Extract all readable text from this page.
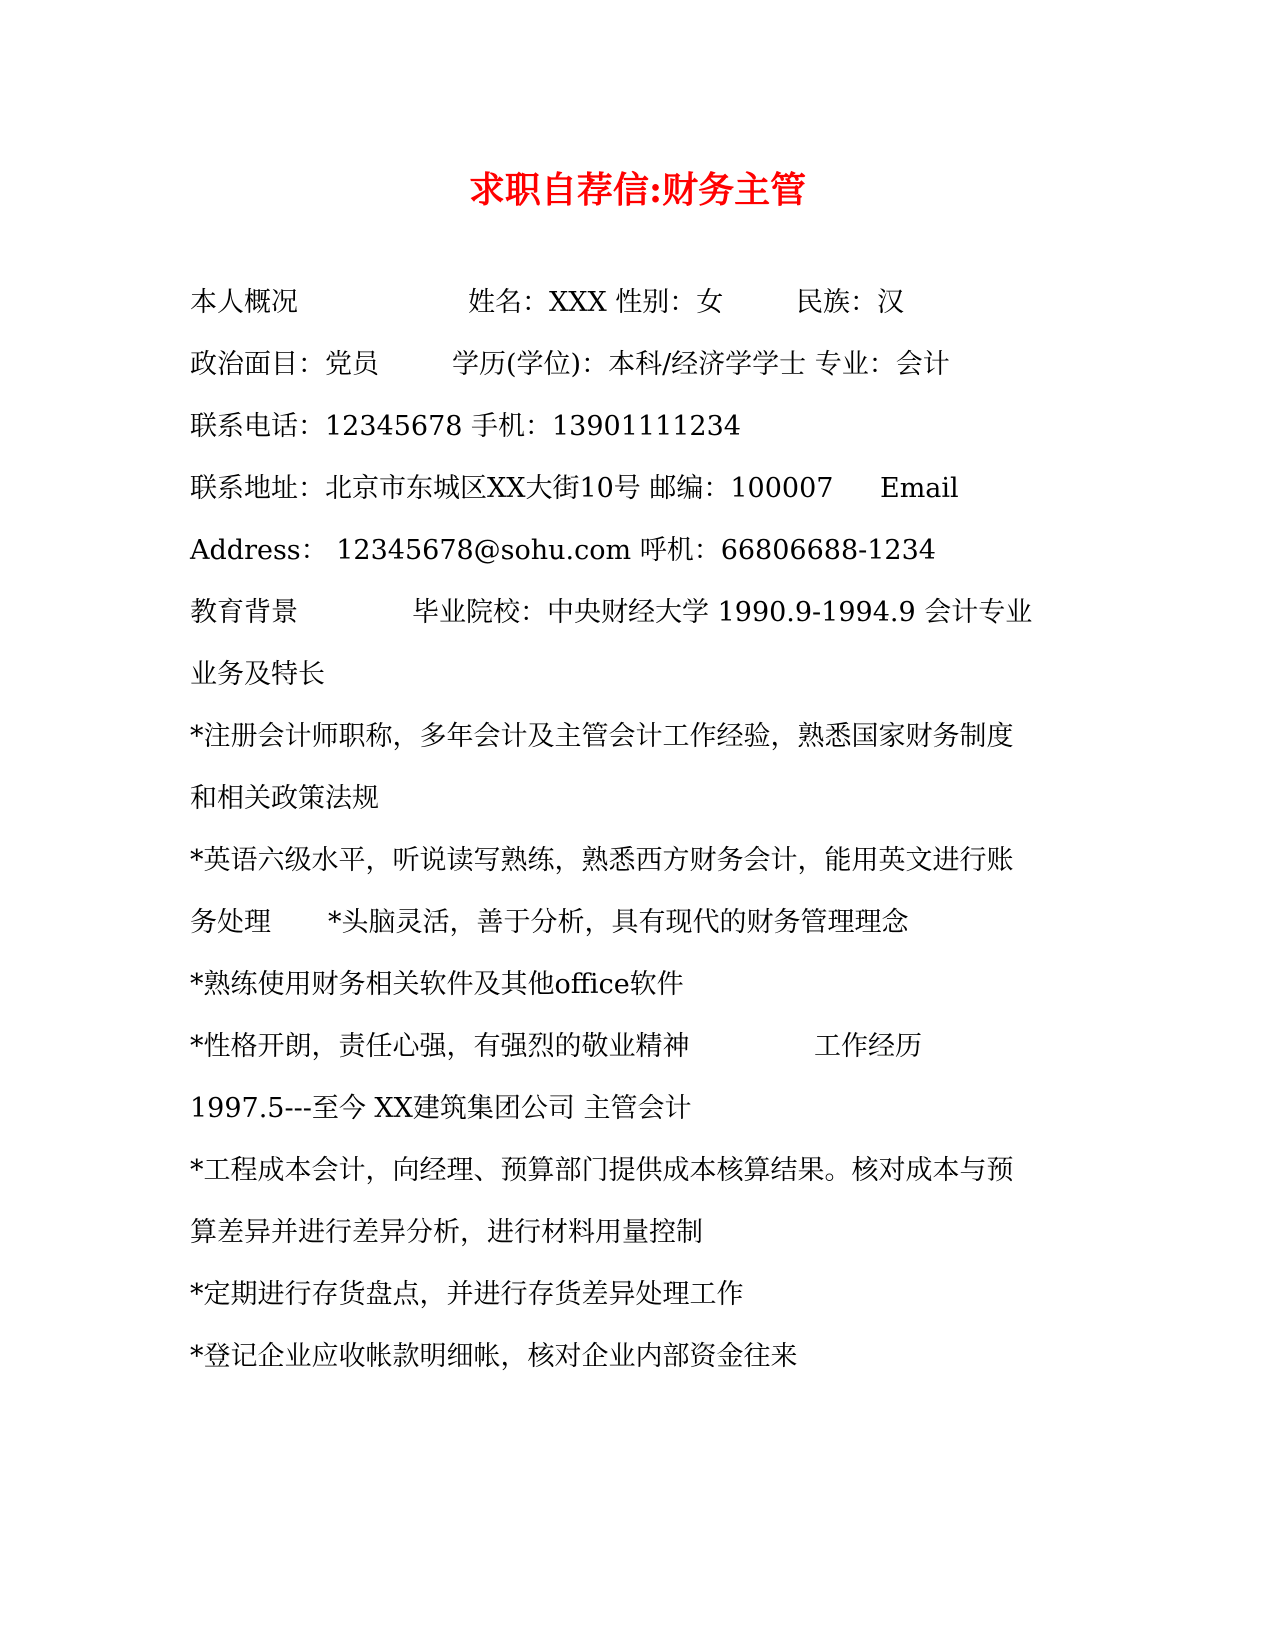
求职自荐信:财务主管

本人概况

	姓名：XXX 性别：女

	民族：汉

政治面目：党员

	学历(学位)：本科/经济学学士 专业：会计

联系电话：12345678 手机：13901111234

联系地址：北京市东城区XX大街10号 邮编：100007

Email

Address： 12345678@sohu.com 呼机：66806688-1234

教育背景

	毕业院校：中央财经大学 1990.9-1994.9 会计专业

业务及特长
*注册会计师职称，多年会计及主管会计工作经验，熟悉国家财务制度
和相关政策法规
*英语六级水平，听说读写熟练，熟悉西方财务会计，能用英文进行账

务处理

*头脑灵活，善于分析，具有现代的财务管理理念

*熟练使用财务相关软件及其他office软件

*性格开朗，责任心强，有强烈的敬业精神

	工作经历

1997.5---至今 XX建筑集团公司 主管会计
*工程成本会计，向经理、预算部门提供成本核算结果。核对成本与预
算差异并进行差异分析，进行材料用量控制
*定期进行存货盘点，并进行存货差异处理工作
*登记企业应收帐款明细帐，核对企业内部资金往来
